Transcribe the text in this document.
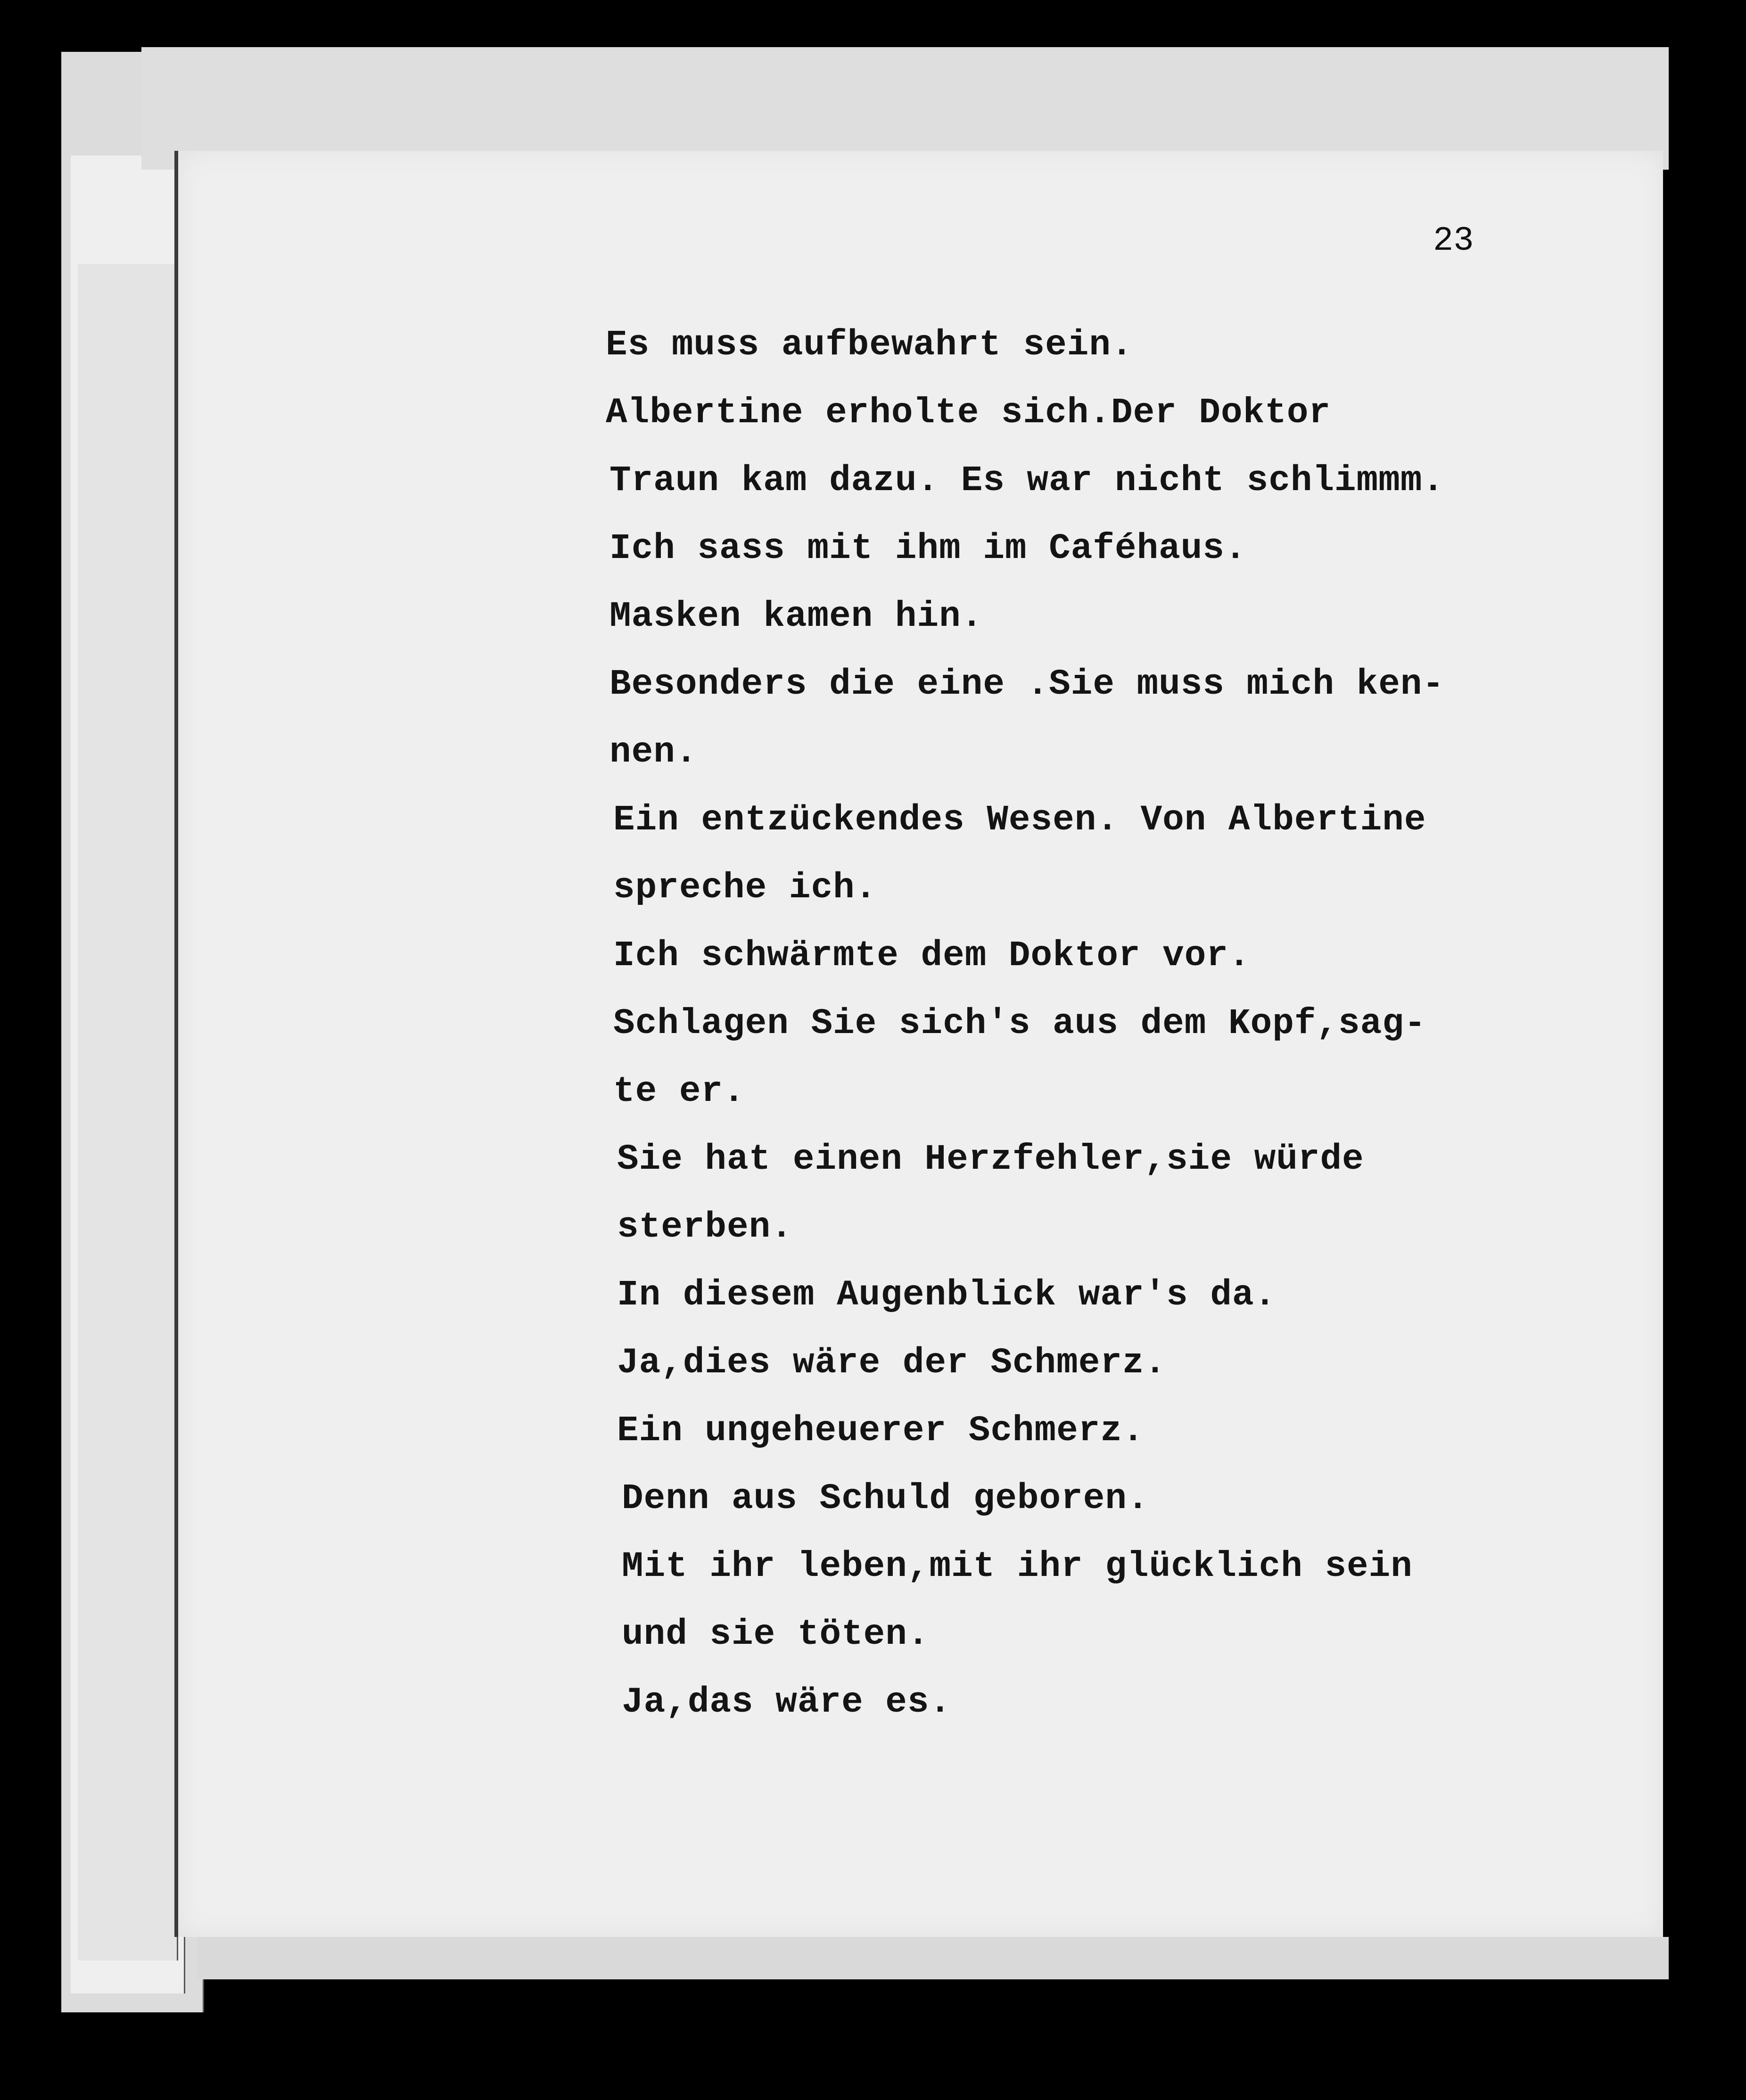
23
Es muss aufbewahrt sein.
Albertine erholte sich.Der Doktor
Traun kam dazu. Es war nicht schlimmm.
Ich sass mit ihm im Caféhaus.
Masken kamen hin.
Besonders die eine .Sie muss mich ken-
nen.
Ein entzückendes Wesen. Von Albertine
spreche ich.
Ich schwärmte dem Doktor vor.
Schlagen Sie sich's aus dem Kopf,sag-
te er.
Sie hat einen Herzfehler,sie würde
sterben.
In diesem Augenblick war's da.
Ja,dies wäre der Schmerz.
Ein ungeheuerer Schmerz.
Denn aus Schuld geboren.
Mit ihr leben,mit ihr glücklich sein
und sie töten.
Ja,das wäre es.
